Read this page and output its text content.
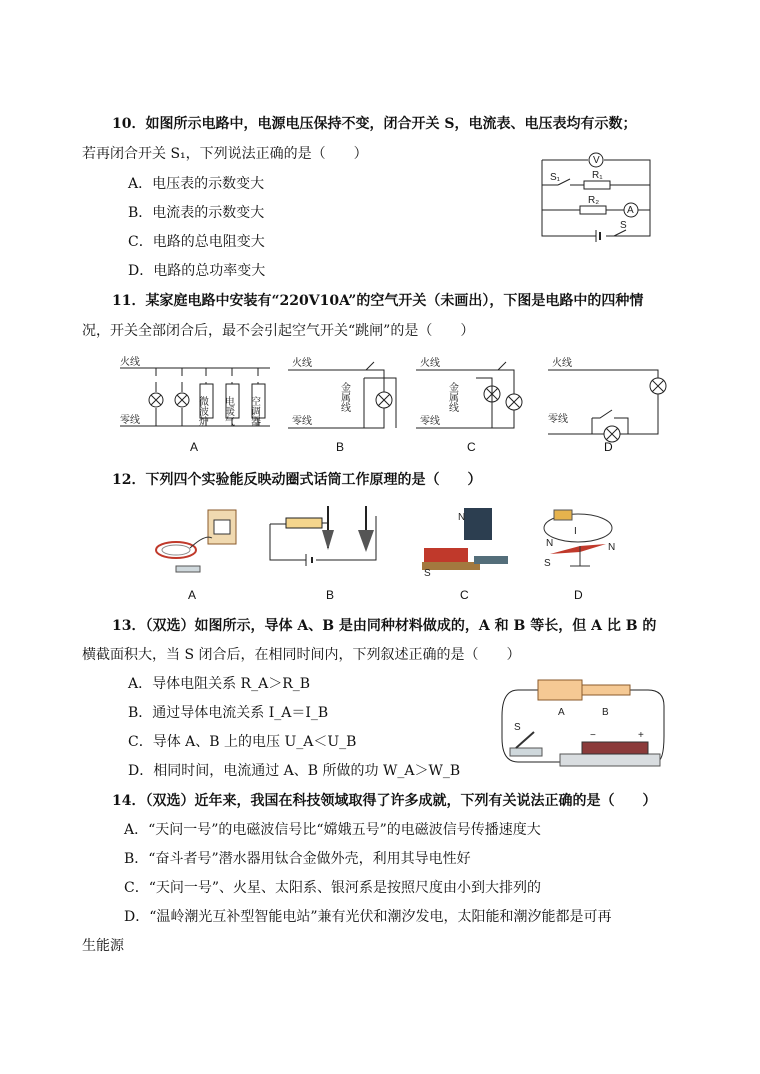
10．如图所示电路中，电源电压保持不变，闭合开关 S，电流表、电压表均有示数；
若再闭合开关 S₁，下列说法正确的是（　　）
A．电压表的示数变大
B．电流表的示数变大
C．电路的总电阻变大
D．电路的总功率变大
V
A
S₁	R₁
R₂
S
11．某家庭电路中安装有“220V10A”的空气开关（未画出），下图是电路中的四种情
况，开关全部闭合后，最不会引起空气开关“跳闸”的是（　　）
火线
零线	微波炉 电暖气 空调器
火线
零线
金属线
火线
零线
金属线
火线
零线
A	B	C	D
12．下列四个实验能反映动圈式话筒工作原理的是（　　）
N
S
N
S
N
I
A	B	C	D
13．（双选）如图所示，导体 A、B 是由同种材料做成的，A 和 B 等长，但 A 比 B 的
横截面积大，当 S 闭合后，在相同时间内，下列叙述正确的是（　　）
A．导体电阻关系 R_A＞R_B
B．通过导体电流关系 I_A＝I_B
C．导体 A、B 上的电压 U_A＜U_B
D．相同时间，电流通过 A、B 所做的功 W_A＞W_B
A	B
S
−	+
14．（双选）近年来，我国在科技领域取得了许多成就，下列有关说法正确的是（　　）
A．“天问一号”的电磁波信号比“嫦娥五号”的电磁波信号传播速度大
B．“奋斗者号”潜水器用钛合金做外壳，利用其导电性好
C．“天问一号”、火星、太阳系、银河系是按照尺度由小到大排列的
D．“温岭潮光互补型智能电站”兼有光伏和潮汐发电，太阳能和潮汐能都是可再
生能源
